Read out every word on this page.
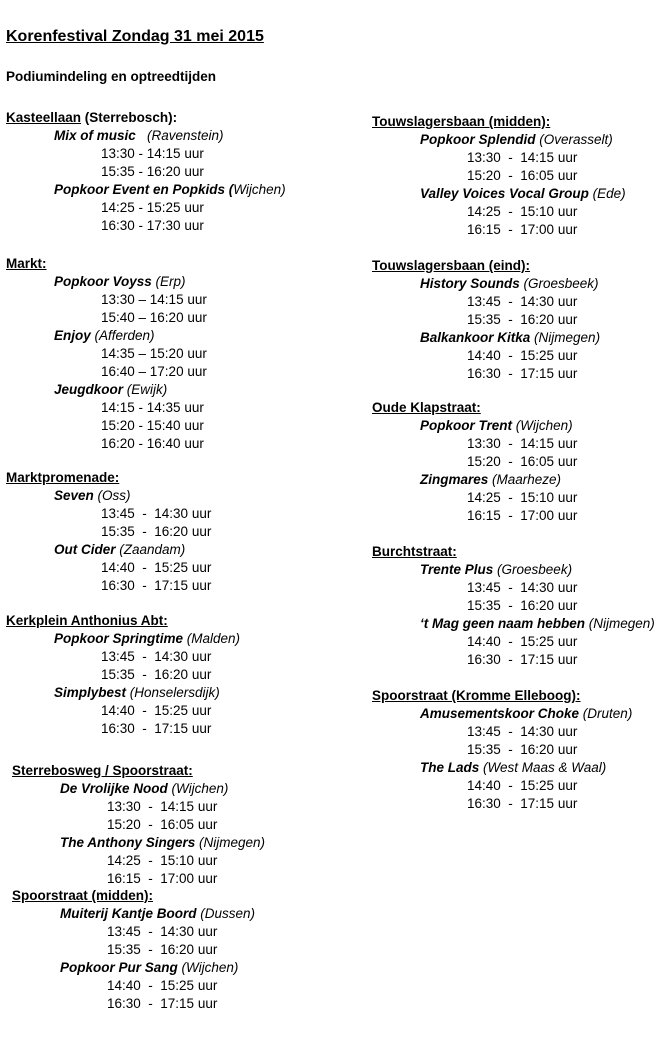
Korenfestival Zondag 31 mei 2015
Podiumindeling en optreedtijden
Kasteellaan (Sterrebosch):
Mix of music   (Ravenstein)
13:30 - 14:15 uur
15:35 - 16:20 uur
Popkoor Event en Popkids (Wijchen)
14:25 - 15:25 uur
16:30 - 17:30 uur
Markt:
Popkoor Voyss (Erp)
13:30 – 14:15 uur
15:40 – 16:20 uur
Enjoy (Afferden)
14:35 – 15:20 uur
16:40 – 17:20 uur
Jeugdkoor (Ewijk)
14:15 - 14:35 uur
15:20 - 15:40 uur
16:20 - 16:40 uur
Marktpromenade:
Seven (Oss)
13:45  -  14:30 uur
15:35  -  16:20 uur
Out Cider (Zaandam)
14:40  -  15:25 uur
16:30  -  17:15 uur
Kerkplein Anthonius Abt:
Popkoor Springtime (Malden)
13:45  -  14:30 uur
15:35  -  16:20 uur
Simplybest (Honselersdijk)
14:40  -  15:25 uur
16:30  -  17:15 uur
Sterrebosweg / Spoorstraat:
De Vrolijke Nood (Wijchen)
13:30  -  14:15 uur
15:20  -  16:05 uur
The Anthony Singers (Nijmegen)
14:25  -  15:10 uur
16:15  -  17:00 uur
Spoorstraat (midden):
Muiterij Kantje Boord (Dussen)
13:45  -  14:30 uur
15:35  -  16:20 uur
Popkoor Pur Sang (Wijchen)
14:40  -  15:25 uur
16:30  -  17:15 uur
Touwslagersbaan (midden):
Popkoor Splendid (Overasselt)
13:30  -  14:15 uur
15:20  -  16:05 uur
Valley Voices Vocal Group (Ede)
14:25  -  15:10 uur
16:15  -  17:00 uur
Touwslagersbaan (eind):
History Sounds (Groesbeek)
13:45  -  14:30 uur
15:35  -  16:20 uur
Balkankoor Kitka (Nijmegen)
14:40  -  15:25 uur
16:30  -  17:15 uur
Oude Klapstraat:
Popkoor Trent (Wijchen)
13:30  -  14:15 uur
15:20  -  16:05 uur
Zingmares (Maarheze)
14:25  -  15:10 uur
16:15  -  17:00 uur
Burchtstraat:
Trente Plus (Groesbeek)
13:45  -  14:30 uur
15:35  -  16:20 uur
‘t Mag geen naam hebben (Nijmegen)
14:40  -  15:25 uur
16:30  -  17:15 uur
Spoorstraat (Kromme Elleboog):
Amusementskoor Choke (Druten)
13:45  -  14:30 uur
15:35  -  16:20 uur
The Lads (West Maas & Waal)
14:40  -  15:25 uur
16:30  -  17:15 uur
